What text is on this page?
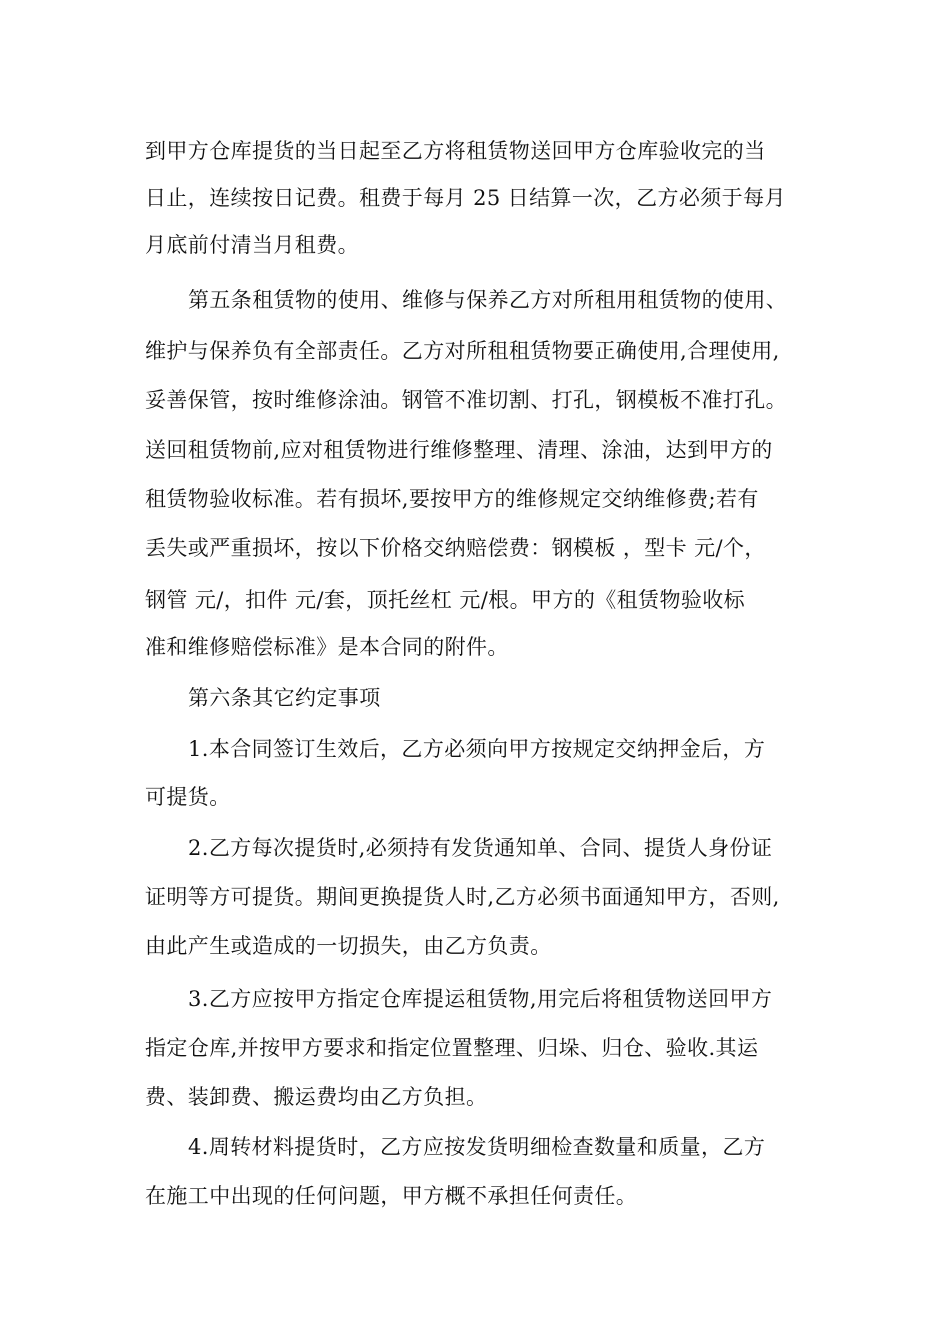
到甲方仓库提货的当日起至乙方将租赁物送回甲方仓库验收完的当
日止，连续按日记费。租费于每月 25 日结算一次，乙方必须于每月
月底前付清当月租费。
第五条租赁物的使用、维修与保养乙方对所租用租赁物的使用、
维护与保养负有全部责任。乙方对所租租赁物要正确使用,合理使用,
妥善保管，按时维修涂油。钢管不准切割、打孔，钢模板不准打孔。
送回租赁物前,应对租赁物进行维修整理、清理、涂油，达到甲方的
租赁物验收标准。若有损坏,要按甲方的维修规定交纳维修费;若有
丢失或严重损坏，按以下价格交纳赔偿费：钢模板 ，型卡 元/个，
钢管 元/，扣件 元/套，顶托丝杠 元/根。甲方的《租赁物验收标
准和维修赔偿标准》是本合同的附件。
第六条其它约定事项
1.本合同签订生效后，乙方必须向甲方按规定交纳押金后，方
可提货。
2.乙方每次提货时,必须持有发货通知单、合同、提货人身份证
证明等方可提货。期间更换提货人时,乙方必须书面通知甲方，否则,
由此产生或造成的一切损失，由乙方负责。
3.乙方应按甲方指定仓库提运租赁物,用完后将租赁物送回甲方
指定仓库,并按甲方要求和指定位置整理、归垛、归仓、验收.其运
费、装卸费、搬运费均由乙方负担。
4.周转材料提货时，乙方应按发货明细检查数量和质量，乙方
在施工中出现的任何问题，甲方概不承担任何责任。
